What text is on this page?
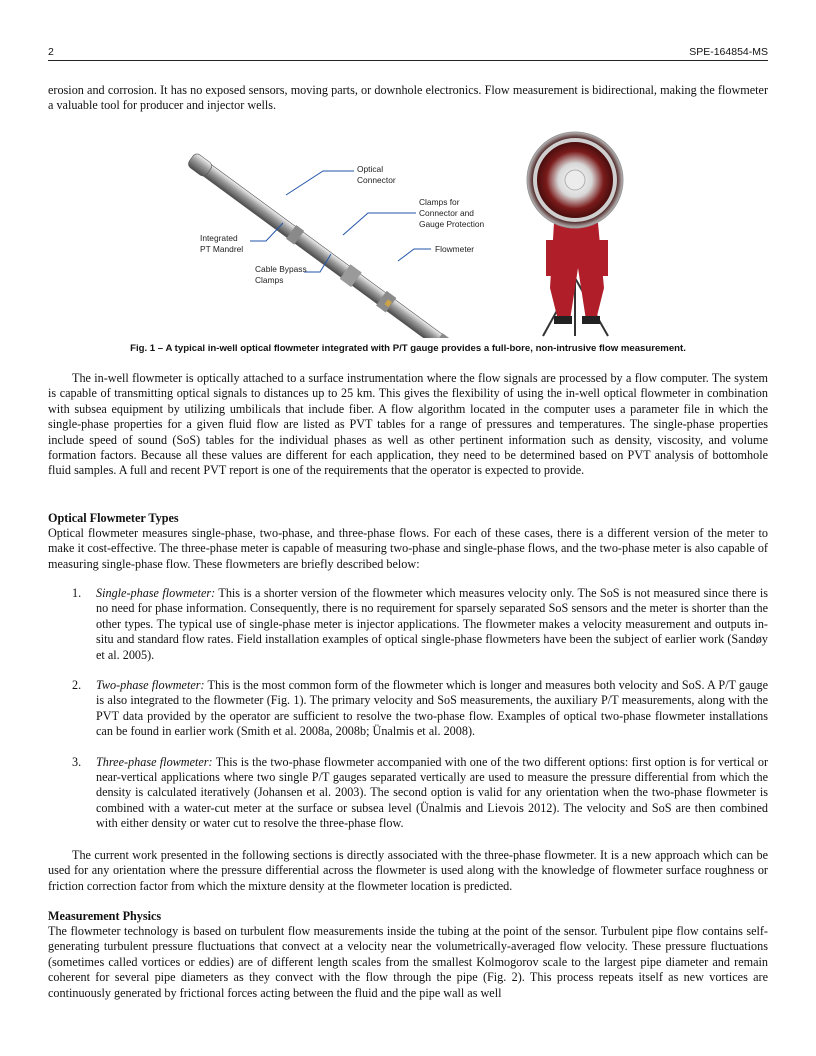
2	SPE-164854-MS

erosion and corrosion. It has no exposed sensors, moving parts, or downhole electronics. Flow measurement is bidirectional, making the flowmeter a valuable tool for producer and injector wells.

Optical
Connector
Clamps for
Connector and
Gauge Protection
Integrated
PT Mandrel	Flowmeter
Cable Bypass
Clamps
Fig. 1 – A typical in-well optical flowmeter integrated with P/T gauge provides a full-bore, non-intrusive flow measurement.

The in-well flowmeter is optically attached to a surface instrumentation where the flow signals are processed by a flow computer. The system is capable of transmitting optical signals to distances up to 25 km. This gives the flexibility of using the in-well optical flowmeter in combination with subsea equipment by utilizing umbilicals that include fiber. A flow algorithm located in the computer uses a parameter file in which the single-phase properties for a given fluid flow are listed as PVT tables for a range of pressures and temperatures. The single-phase properties include speed of sound (SoS) tables for the individual phases as well as other pertinent information such as density, viscosity, and volume formation factors. Because all these values are different for each application, they need to be determined based on PVT analysis of bottomhole fluid samples. A full and recent PVT report is one of the requirements that the operator is expected to provide.

Optical Flowmeter Types

Optical flowmeter measures single-phase, two-phase, and three-phase flows. For each of these cases, there is a different version of the meter to make it cost-effective. The three-phase meter is capable of measuring two-phase and single-phase flows, and the two-phase meter is also capable of measuring single-phase flow. These flowmeters are briefly described below:

1. Single-phase flowmeter: This is a shorter version of the flowmeter which measures velocity only. The SoS is not measured since there is no need for phase information. Consequently, there is no requirement for sparsely separated SoS sensors and the meter is shorter than the other types. The typical use of single-phase meter is injector applications. The flowmeter makes a velocity measurement and outputs in-situ and standard flow rates. Field installation examples of optical single-phase flowmeters have been the subject of earlier work (Sandøy et al. 2005).
2. Two-phase flowmeter: This is the most common form of the flowmeter which is longer and measures both velocity and SoS. A P/T gauge is also integrated to the flowmeter (Fig. 1). The primary velocity and SoS measurements, the auxiliary P/T measurements, along with the PVT data provided by the operator are sufficient to resolve the two-phase flow. Examples of optical two-phase flowmeter installations can be found in earlier work (Smith et al. 2008a, 2008b; Ünalmis et al. 2008).
3. Three-phase flowmeter: This is the two-phase flowmeter accompanied with one of the two different options: first option is for vertical or near-vertical applications where two single P/T gauges separated vertically are used to measure the pressure differential from which the density is calculated iteratively (Johansen et al. 2003). The second option is valid for any orientation when the two-phase flowmeter is combined with a water-cut meter at the surface or subsea level (Ünalmis and Lievois 2012). The velocity and SoS are then combined with either density or water cut to resolve the three-phase flow.

The current work presented in the following sections is directly associated with the three-phase flowmeter. It is a new approach which can be used for any orientation where the pressure differential across the flowmeter is used along with the knowledge of flowmeter surface roughness or friction correction factor from which the mixture density at the flowmeter location is predicted.

Measurement Physics

The flowmeter technology is based on turbulent flow measurements inside the tubing at the point of the sensor. Turbulent pipe flow contains self-generating turbulent pressure fluctuations that convect at a velocity near the volumetrically-averaged flow velocity. These pressure fluctuations (sometimes called vortices or eddies) are of different length scales from the smallest Kolmogorov scale to the largest pipe diameter and remain coherent for several pipe diameters as they convect with the flow through the pipe (Fig. 2). This process repeats itself as new vortices are continuously generated by frictional forces acting between the fluid and the pipe wall as well
